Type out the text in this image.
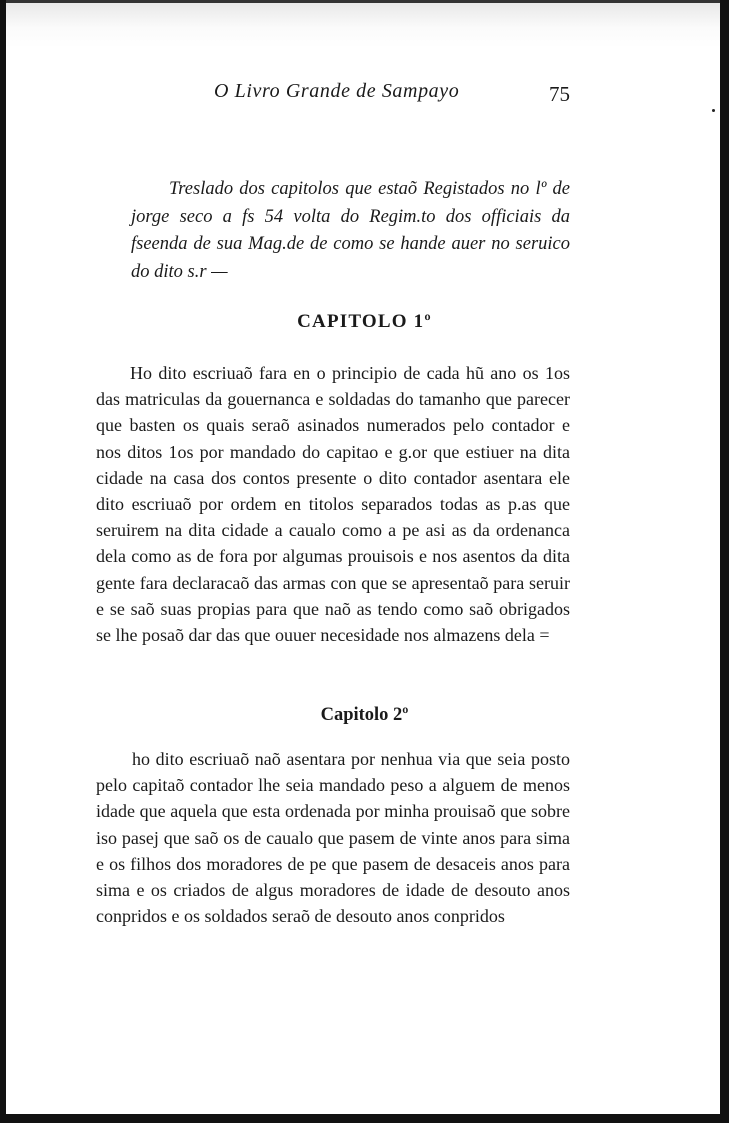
O Livro Grande de Sampayo	75

Treslado dos capitolos que estaõ Registados no lº de jorge seco a fs 54 volta do Regim.to dos officiais da fseenda de sua Mag.de de como se hande auer no seruico do dito s.r —

CAPITOLO 1º

Ho dito escriuaõ fara en o principio de cada hũ ano os 1os das matriculas da gouernanca e soldadas do tamanho que parecer que basten os quais seraõ asinados numerados pelo contador e nos ditos 1os por mandado do capitao e g.or que estiuer na dita cidade na casa dos contos presente o dito contador asentara ele dito escriuaõ por ordem en titolos separados todas as p.as que seruirem na dita cidade a caualo como a pe asi as da ordenanca dela como as de fora por algumas prouisois e nos asentos da dita gente fara declaracaõ das armas con que se apresentaõ para seruir e se saõ suas propias para que naõ as tendo como saõ obrigados se lhe posaõ dar das que ouuer necesidade nos almazens dela =

Capitolo 2º

ho dito escriuaõ naõ asentara por nenhua via que seia posto pelo capitaõ contador lhe seia mandado peso a alguem de menos idade que aquela que esta ordenada por minha prouisaõ que sobre iso pasej que saõ os de caualo que pasem de vinte anos para sima e os filhos dos moradores de pe que pasem de desaceis anos para sima e os criados de algus moradores de idade de desouto anos conpridos e os soldados seraõ de desouto anos conpridos
